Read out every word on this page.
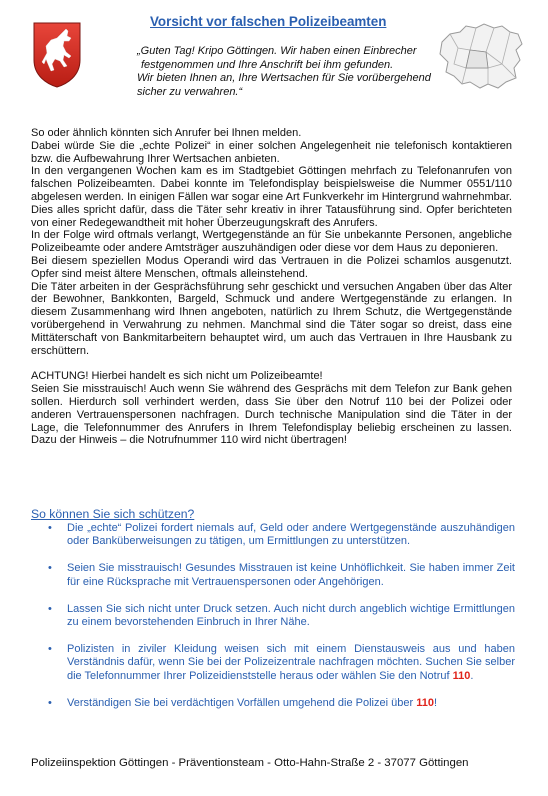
Vorsicht vor falschen Polizeibeamten
„Guten Tag! Kripo Göttingen. Wir haben einen Einbrecher
festgenommen und Ihre Anschrift bei ihm gefunden.
Wir bieten Ihnen an, Ihre Wertsachen für Sie vorübergehend
sicher zu verwahren.“

So oder ähnlich könnten sich Anrufer bei Ihnen melden.

Dabei würde Sie die „echte Polizei“ in einer solchen Angelegenheit nie telefonisch kontaktieren bzw. die Aufbewahrung Ihrer Wertsachen anbieten.

In den vergangenen Wochen kam es im Stadtgebiet Göttingen mehrfach zu Telefonanrufen von falschen Polizeibeamten. Dabei konnte im Telefondisplay beispielsweise die Nummer 0551/110 abgelesen werden. In einigen Fällen war sogar eine Art Funkverkehr im Hintergrund wahrnehmbar. Dies alles spricht dafür, dass die Täter sehr kreativ in ihrer Tatausführung sind. Opfer berichteten von einer Redegewandtheit mit hoher Überzeugungskraft des Anrufers.

In der Folge wird oftmals verlangt, Wertgegenstände an für Sie unbekannte Personen, angebliche Polizeibeamte oder andere Amtsträger auszuhändigen oder diese vor dem Haus zu deponieren.

Bei diesem speziellen Modus Operandi wird das Vertrauen in die Polizei schamlos ausgenutzt. Opfer sind meist ältere Menschen, oftmals alleinstehend.

Die Täter arbeiten in der Gesprächsführung sehr geschickt und versuchen Angaben über das Alter der Bewohner, Bankkonten, Bargeld, Schmuck und andere Wertgegenstände zu erlangen. In diesem Zusammenhang wird Ihnen angeboten, natürlich zu Ihrem Schutz, die Wertgegenstände vorübergehend in Verwahrung zu nehmen. Manchmal sind die Täter sogar so dreist, dass eine Mittäterschaft von Bankmitarbeitern behauptet wird, um auch das Vertrauen in Ihre Hausbank zu erschüttern.

ACHTUNG! Hierbei handelt es sich nicht um Polizeibeamte!

Seien Sie misstrauisch! Auch wenn Sie während des Gesprächs mit dem Telefon zur Bank gehen sollen. Hierdurch soll verhindert werden, dass Sie über den Notruf 110 bei der Polizei oder anderen Vertrauenspersonen nachfragen. Durch technische Manipulation sind die Täter in der Lage, die Telefonnummer des Anrufers in Ihrem Telefondisplay beliebig erscheinen zu lassen. Dazu der Hinweis – die Notrufnummer 110 wird nicht übertragen!

So können Sie sich schützen?
• Die „echte“ Polizei fordert niemals auf, Geld oder andere Wertgegenstände auszuhändigen oder Banküberweisungen zu tätigen, um Ermittlungen zu unterstützen.
• Seien Sie misstrauisch! Gesundes Misstrauen ist keine Unhöflichkeit. Sie haben immer Zeit für eine Rücksprache mit Vertrauenspersonen oder Angehörigen.
• Lassen Sie sich nicht unter Druck setzen. Auch nicht durch angeblich wichtige Ermittlungen zu einem bevorstehenden Einbruch in Ihrer Nähe.
• Polizisten in ziviler Kleidung weisen sich mit einem Dienstausweis aus und haben Verständnis dafür, wenn Sie bei der Polizeizentrale nachfragen möchten. Suchen Sie selber die Telefonnummer Ihrer Polizeidienststelle heraus oder wählen Sie den Notruf 110.
• Verständigen Sie bei verdächtigen Vorfällen umgehend die Polizei über 110!
Polizeiinspektion Göttingen - Präventionsteam - Otto-Hahn-Straße 2 - 37077 Göttingen
